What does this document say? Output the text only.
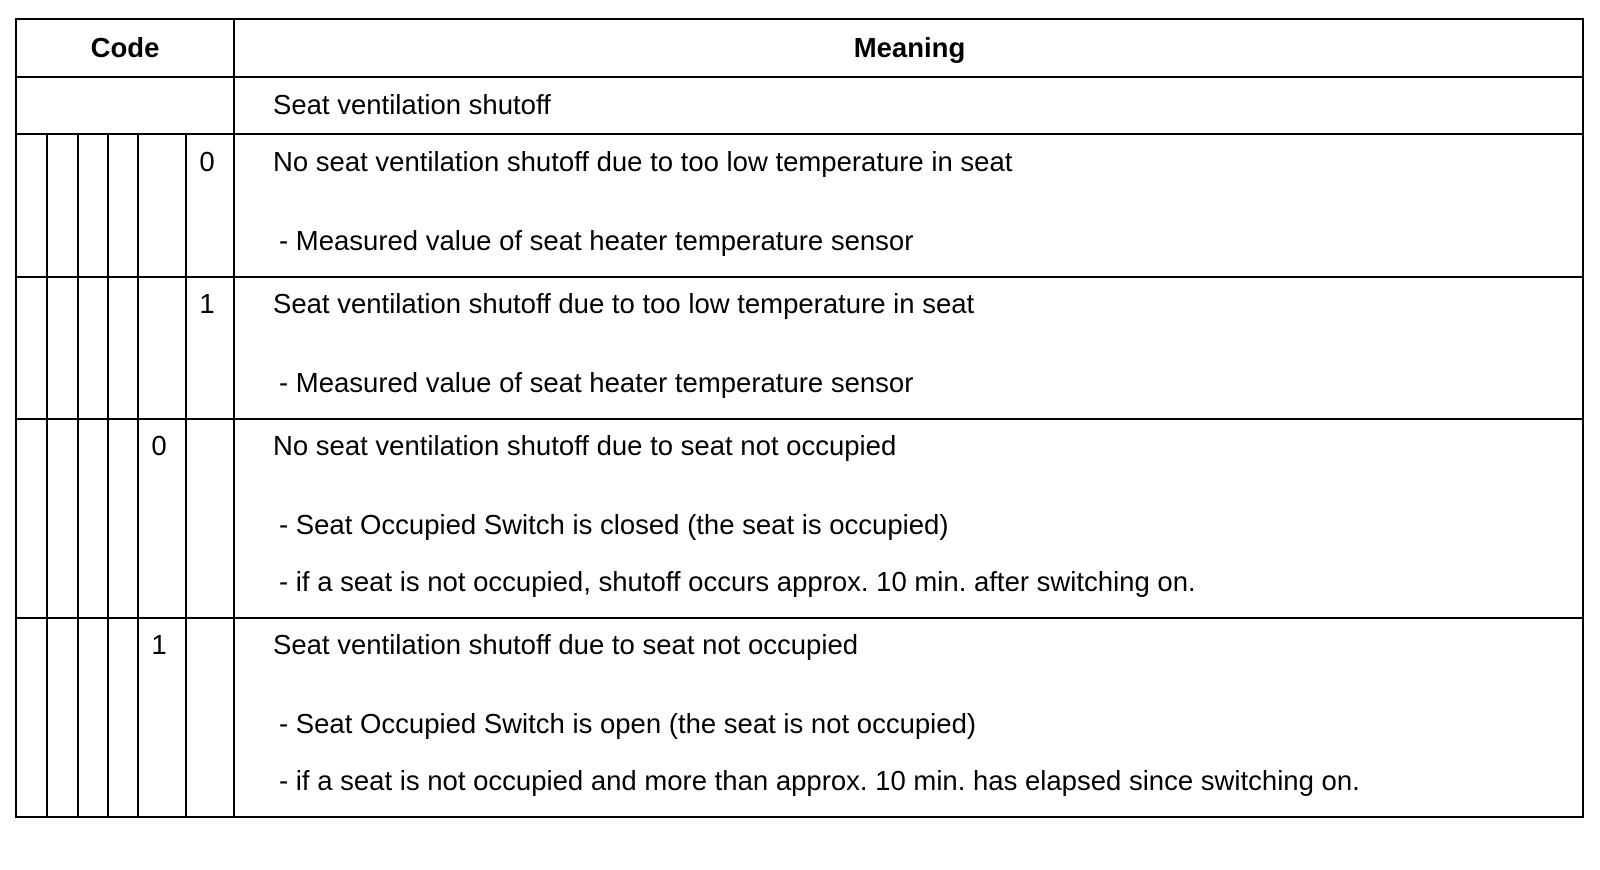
Code	Meaning
Seat ventilation shutoff
0	No seat ventilation shutoff due to too low temperature in seat
- Measured value of seat heater temperature sensor
1	Seat ventilation shutoff due to too low temperature in seat
- Measured value of seat heater temperature sensor
0	No seat ventilation shutoff due to seat not occupied
- Seat Occupied Switch is closed (the seat is occupied)
- if a seat is not occupied, shutoff occurs approx. 10 min. after switching on.
1	Seat ventilation shutoff due to seat not occupied
- Seat Occupied Switch is open (the seat is not occupied)
- if a seat is not occupied and more than approx. 10 min. has elapsed since switching on.
